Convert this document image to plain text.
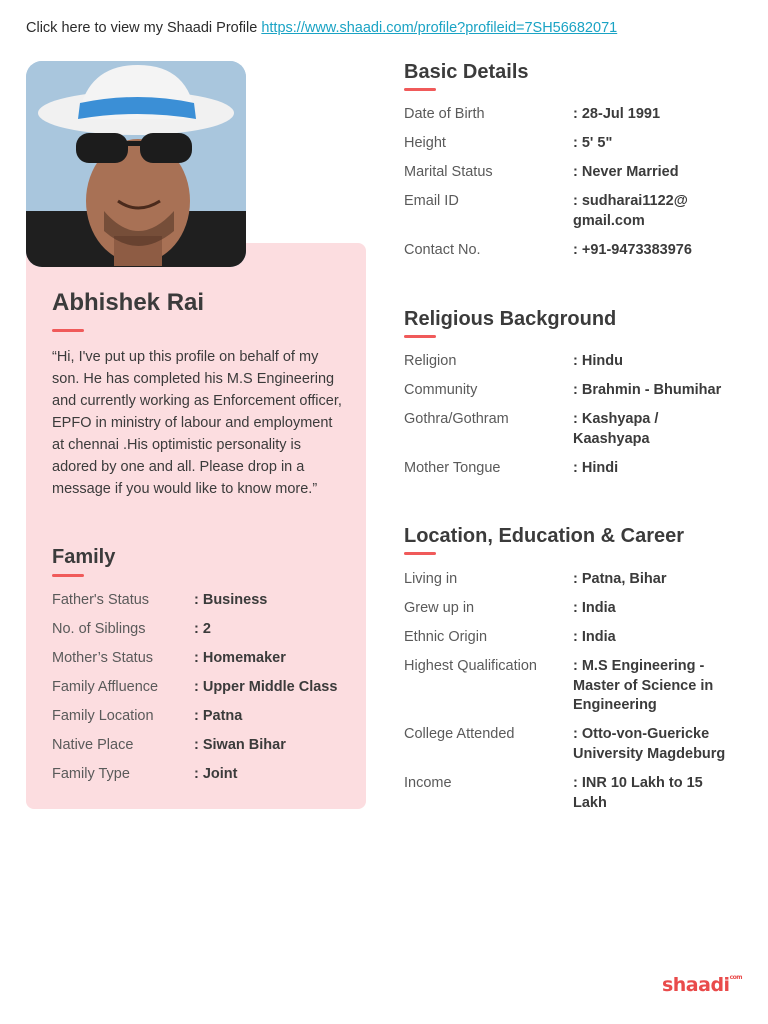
Click here to view my Shaadi Profile https://www.shaadi.com/profile?profileid=7SH56682071
Abhishek Rai
“Hi, I've put up this profile on behalf of my son. He has completed his M.S Engineering and currently working as Enforcement officer, EPFO in ministry of labour and employment at chennai .His optimistic personality is adored by one and all. Please drop in a message if you would like to know more.”
Family
Father's Status	: Business
No. of Siblings	: 2
Mother’s Status	: Homemaker
Family Affluence : Upper Middle Class
Family Location	: Patna
Native Place	: Siwan Bihar
Family Type	: Joint
Basic Details
Date of Birth	: 28-Jul 1991
Height	: 5' 5"
Marital Status	: Never Married
Email ID	: sudharai1122@ gmail.com
Contact No.	: +91-9473383976
Religious Background
Religion	: Hindu
Community	: Brahmin - Bhumihar
Gothra/Gothram	: Kashyapa / Kaashyapa
Mother Tongue	: Hindi
Location, Education & Career
Living in	: Patna, Bihar
Grew up in	: India
Ethnic Origin	: India
Highest Qualification : M.S Engineering - Master of Science in Engineering
College Attended	: Otto-von-Guericke University Magdeburg
Income	: INR 10 Lakh to 15 Lakh
shaadi$^{com}$
